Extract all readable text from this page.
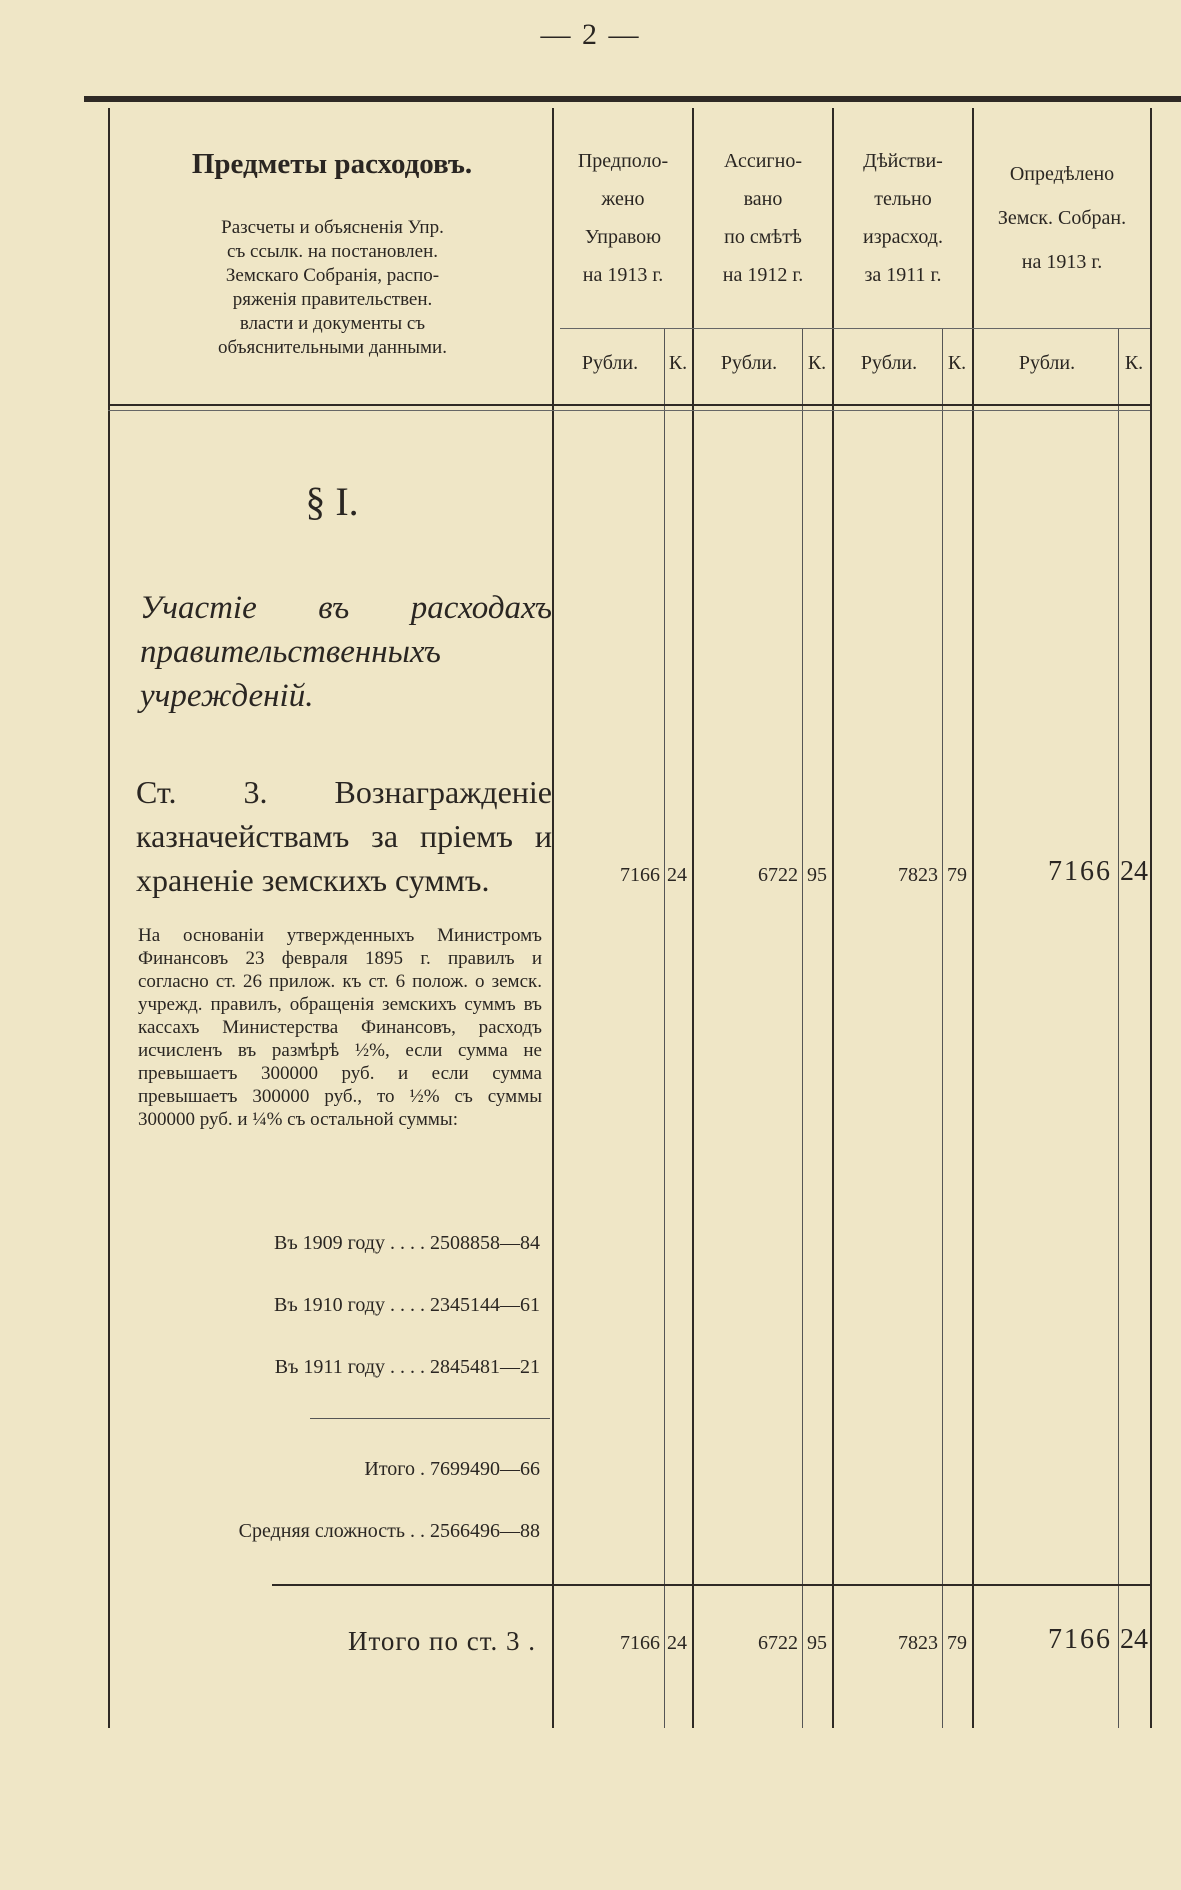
— 2 —
Предметы расходовъ.
Разсчеты и объясненія Упр.
съ ссылк. на постановлен.
Земскаго Собранія, распо-
ряженія правительствен.
власти и документы съ
объяснительными данными.
Предполо-
жено
Управою
на 1913 г.
Ассигно-
вано
по смѣтѣ
на 1912 г.
Дѣйстви-
тельно
израсход.
за 1911 г.
Опредѣлено
Земск. Собран.
на 1913 г.
Рубли.	К.	Рубли.	К.	Рубли.	К.	Рубли.	К.
§ I.
Участіе въ расходахъ правительственныхъ учрежденій.
Ст. 3. Вознагражденіе казначействамъ за пріемъ и храненіе земскихъ суммъ.	7166 24	6722 95	7823 79	7166 24
На основаніи утвержденныхъ Министромъ Финансовъ 23 февраля 1895 г. правилъ и согласно ст. 26 прилож. къ ст. 6 полож. о земск. учрежд. правилъ, обращенія земскихъ суммъ въ кассахъ Министерства Финансовъ, расходъ исчисленъ въ размѣрѣ ½%, если сумма не превышаетъ 300000 руб. и если сумма превышаетъ 300000 руб., то ½% съ суммы 300000 руб. и ¼% съ остальной суммы:
Въ 1909 году . . . . 2508858—84
Въ 1910 году . . . . 2345144—61
Въ 1911 году . . . . 2845481—21
Итого . 7699490—66
Средняя сложность . . 2566496—88
Итого по ст. 3 .	7166 24	6722 95	7823 79	7166 24
